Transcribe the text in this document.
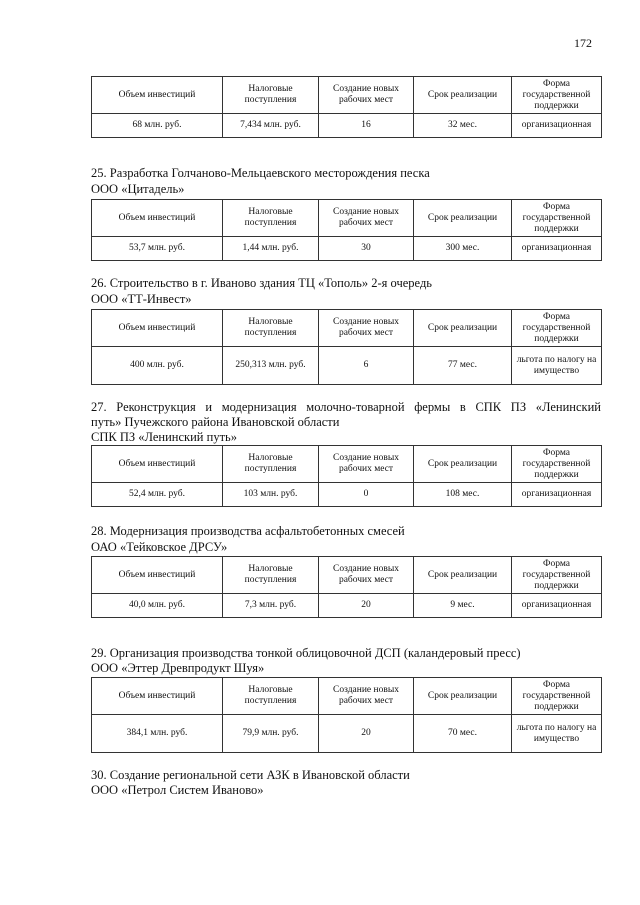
172
Объем инвестиций	Налоговые поступления	Создание новых рабочих мест	Срок реализации	Форма государственной поддержки
68 млн. руб.	7,434 млн. руб.	16	32 мес.	организационная
25. Разработка Голчаново-Мельцаевского месторождения песка
ООО «Цитадель»
Объем инвестиций	Налоговые поступления	Создание новых рабочих мест	Срок реализации	Форма государственной поддержки
53,7 млн. руб.	1,44 млн. руб.	30	300 мес.	организационная
26. Строительство в г. Иваново здания ТЦ «Тополь» 2-я очередь
ООО «ТТ-Инвест»
Объем инвестиций	Налоговые поступления	Создание новых рабочих мест	Срок реализации	Форма государственной поддержки
400 млн. руб.	250,313 млн. руб.	6	77 мес.	льгота по налогу на имущество
27. Реконструкция и модернизация молочно-товарной фермы в СПК ПЗ «Ленинский
путь» Пучежского района Ивановской области
СПК ПЗ «Ленинский путь»
Объем инвестиций	Налоговые поступления	Создание новых рабочих мест	Срок реализации	Форма государственной поддержки
52,4 млн. руб.	103 млн. руб.	0	108 мес.	организационная
28. Модернизация производства асфальтобетонных смесей
ОАО «Тейковское ДРСУ»
Объем инвестиций	Налоговые поступления	Создание новых рабочих мест	Срок реализации	Форма государственной поддержки
40,0 млн. руб.	7,3 млн. руб.	20	9 мес.	организационная
29. Организация производства тонкой облицовочной ДСП (каландеровый пресс)
ООО «Эттер Древпродукт Шуя»
Объем инвестиций	Налоговые поступления	Создание новых рабочих мест	Срок реализации	Форма государственной поддержки
384,1 млн. руб.	79,9 млн. руб.	20	70 мес.	льгота по налогу на имущество
30. Создание региональной сети АЗК в Ивановской области
ООО «Петрол Систем Иваново»
